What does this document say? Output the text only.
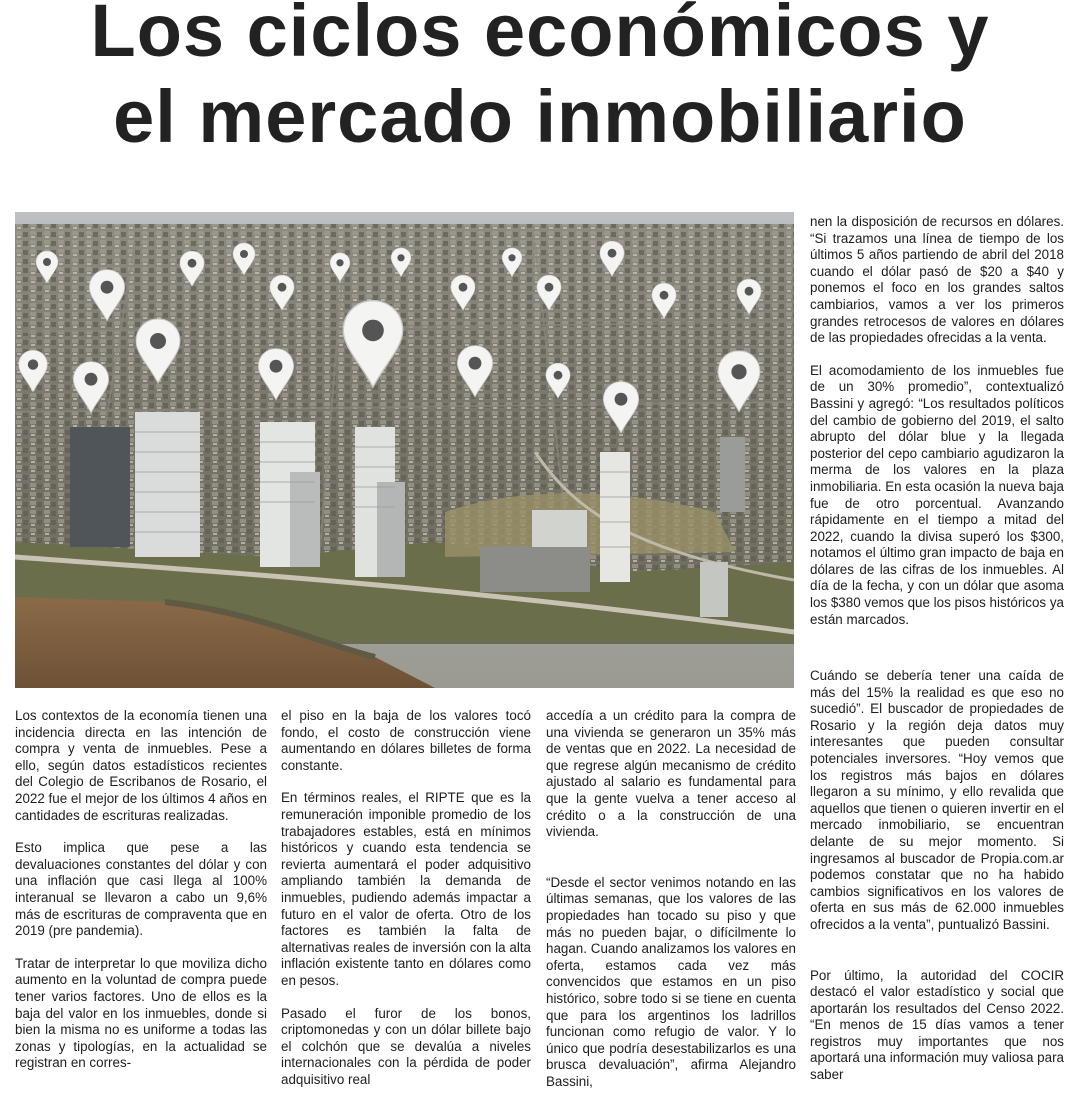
Los ciclos económicos y
el mercado inmobiliario

nen la disposición de recursos en dólares. “Si trazamos una línea de tiempo de los últimos 5 años partiendo de abril del 2018 cuando el dólar pasó de $20 a $40 y ponemos el foco en los grandes saltos cambiarios, vamos a ver los primeros grandes retrocesos de valores en dólares de las propiedades ofrecidas a la venta.

El acomodamiento de los inmuebles fue de un 30% promedio”, contextualizó Bassini y agregó: “Los resultados políticos del cambio de gobierno del 2019, el salto abrupto del dólar blue y la llegada posterior del cepo cambiario agudizaron la merma de los valores en la plaza inmobiliaria. En esta ocasión la nueva baja fue de otro porcentual. Avanzando rápidamente en el tiempo a mitad del 2022, cuando la divisa superó los $300, notamos el último gran impacto de baja en dólares de las cifras de los inmuebles. Al día de la fecha, y con un dólar que asoma los $380 vemos que los pisos históricos ya están marcados.

Los contextos de la economía tienen una incidencia directa en las intención de compra y venta de inmuebles. Pese a ello, según datos estadísticos recientes del Colegio de Escribanos de Rosario, el 2022 fue el mejor de los últimos 4 años en cantidades de escrituras realizadas.

Esto implica que pese a las devaluaciones constantes del dólar y con una inflación que casi llega al 100% interanual se llevaron a cabo un 9,6% más de escrituras de compraventa que en 2019 (pre pandemia).

Tratar de interpretar lo que moviliza dicho aumento en la voluntad de compra puede tener varios factores. Uno de ellos es la baja del valor en los inmuebles, donde si bien la misma no es uniforme a todas las zonas y tipologías, en la actualidad se registran en corres-

el piso en la baja de los valores tocó fondo, el costo de construcción viene aumentando en dólares billetes de forma constante.

En términos reales, el RIPTE que es la remuneración imponible promedio de los trabajadores estables, está en mínimos históricos y cuando esta tendencia se revierta aumentará el poder adquisitivo ampliando también la demanda de inmuebles, pudiendo además impactar a futuro en el valor de oferta. Otro de los factores es también la falta de alternativas reales de inversión con la alta inflación existente tanto en dólares como en pesos.

Pasado el furor de los bonos, criptomonedas y con un dólar billete bajo el colchón que se devalúa a niveles internacionales con la pérdida de poder adquisitivo real

accedía a un crédito para la compra de una vivienda se generaron un 35% más de ventas que en 2022. La necesidad de que regrese algún mecanismo de crédito ajustado al salario es fundamental para que la gente vuelva a tener acceso al crédito o a la construcción de una vivienda.

“Desde el sector venimos notando en las últimas semanas, que los valores de las propiedades han tocado su piso y que más no pueden bajar, o difícilmente lo hagan. Cuando analizamos los valores en oferta, estamos cada vez más convencidos que estamos en un piso histórico, sobre todo si se tiene en cuenta que para los argentinos los ladrillos funcionan como refugio de valor. Y lo único que podría desestabilizarlos es una brusca devaluación”, afirma Alejandro Bassini,

Cuándo se debería tener una caída de más del 15% la realidad es que eso no sucedió”. El buscador de propiedades de Rosario y la región deja datos muy interesantes que pueden consultar potenciales inversores. “Hoy vemos que los registros más bajos en dólares llegaron a su mínimo, y ello revalida que aquellos que tienen o quieren invertir en el mercado inmobiliario, se encuentran delante de su mejor momento. Si ingresamos al buscador de Propia.com.ar podemos constatar que no ha habido cambios significativos en los valores de oferta en sus más de 62.000 inmuebles ofrecidos a la venta”, puntualizó Bassini.

Por último, la autoridad del COCIR destacó el valor estadístico y social que aportarán los resultados del Censo 2022. “En menos de 15 días vamos a tener registros muy importantes que nos aportará una información muy valiosa para saber
